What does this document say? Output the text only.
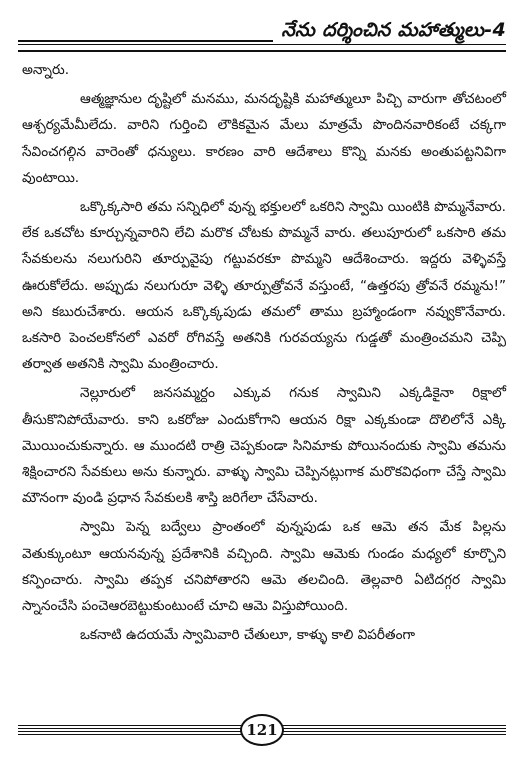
నేను దర్శించిన మహాత్ములు-4

అన్నారు.

ఆత్మజ్ఞానుల దృష్టిలో మనము, మనదృష్టికి మహాత్ములూ పిచ్చి వారుగా తోచటంలో ఆశ్చర్యమేమీలేదు. వారిని గుర్తించి లౌకికమైన మేలు మాత్రమే పొందినవారికంటే చక్కగా సేవించగల్గిన వారెంతో ధన్యులు. కారణం వారి ఆదేశాలు కొన్ని మనకు అంతుపట్టనివిగా వుంటాయి.

ఒక్కొక్కసారి తమ సన్నిధిలో వున్న భక్తులలో ఒకరిని స్వామి యింటికి పొమ్మనేవారు. లేక ఒకచోట కూర్చున్నవారిని లేచి మరొక చోటకు పొమ్మనే వారు. తలుపూరులో ఒకసారి తమ సేవకులను నలుగురిని తూర్పువైపు గట్టువరకూ పొమ్మని ఆదేశించారు. ఇద్దరు వెళ్ళివస్తే ఊరుకోలేదు. అప్పుడు నలుగురూ వెళ్ళి తూర్పుత్రోవనే వస్తుంటే, “ఉత్తరపు త్రోవనే రమ్మను!” అని కబురుచేశారు. ఆయన ఒక్కొక్కపుడు తమలో తాము బ్రహ్మాండంగా నవ్వుకొనేవారు. ఒకసారి పెంచలకోనలో ఎవరో రోగివస్తే అతనికి గురవయ్యను గుడ్డతో మంత్రించమని చెప్పి తర్వాత అతనికి స్వామి మంత్రించారు.

నెల్లూరులో జనసమ్మర్దం ఎక్కువ గనుక స్వామిని ఎక్కడికైనా రిక్షాలో తీసుకొనిపోయేవారు. కాని ఒకరోజు ఎందుకోగాని ఆయన రిక్షా ఎక్కకుండా దొలిలోనే ఎక్కి మొయించుకున్నారు. ఆ ముందటి రాత్రి చెప్పకుండా సినిమాకు పోయినందుకు స్వామి తమను శిక్షించారని సేవకులు అను కున్నారు. వాళ్ళు స్వామి చెప్పినట్లుగాక మరొకవిధంగా చేస్తే స్వామి మౌనంగా వుండి ప్రధాన సేవకులకి శాస్తి జరిగేలా చేసేవారు.

స్వామి పెన్న బద్వేలు ప్రాంతంలో వున్నపుడు ఒక ఆమె తన మేక పిల్లను వెతుక్కుంటూ ఆయనవున్న ప్రదేశానికి వచ్చింది. స్వామి ఆమెకు గుండం మధ్యలో కూర్చొని కన్పించారు. స్వామి తప్పక చనిపోతారని ఆమె తలచింది. తెల్లవారి ఏటిదగ్గర స్వామి స్నానంచేసి పంచెఆరబెట్టుకుంటుంటే చూచి ఆమె విస్తుపోయింది.

ఒకనాటి ఉదయమే స్వామివారి చేతులూ, కాళ్ళు కాలి విపరీతంగా

121
